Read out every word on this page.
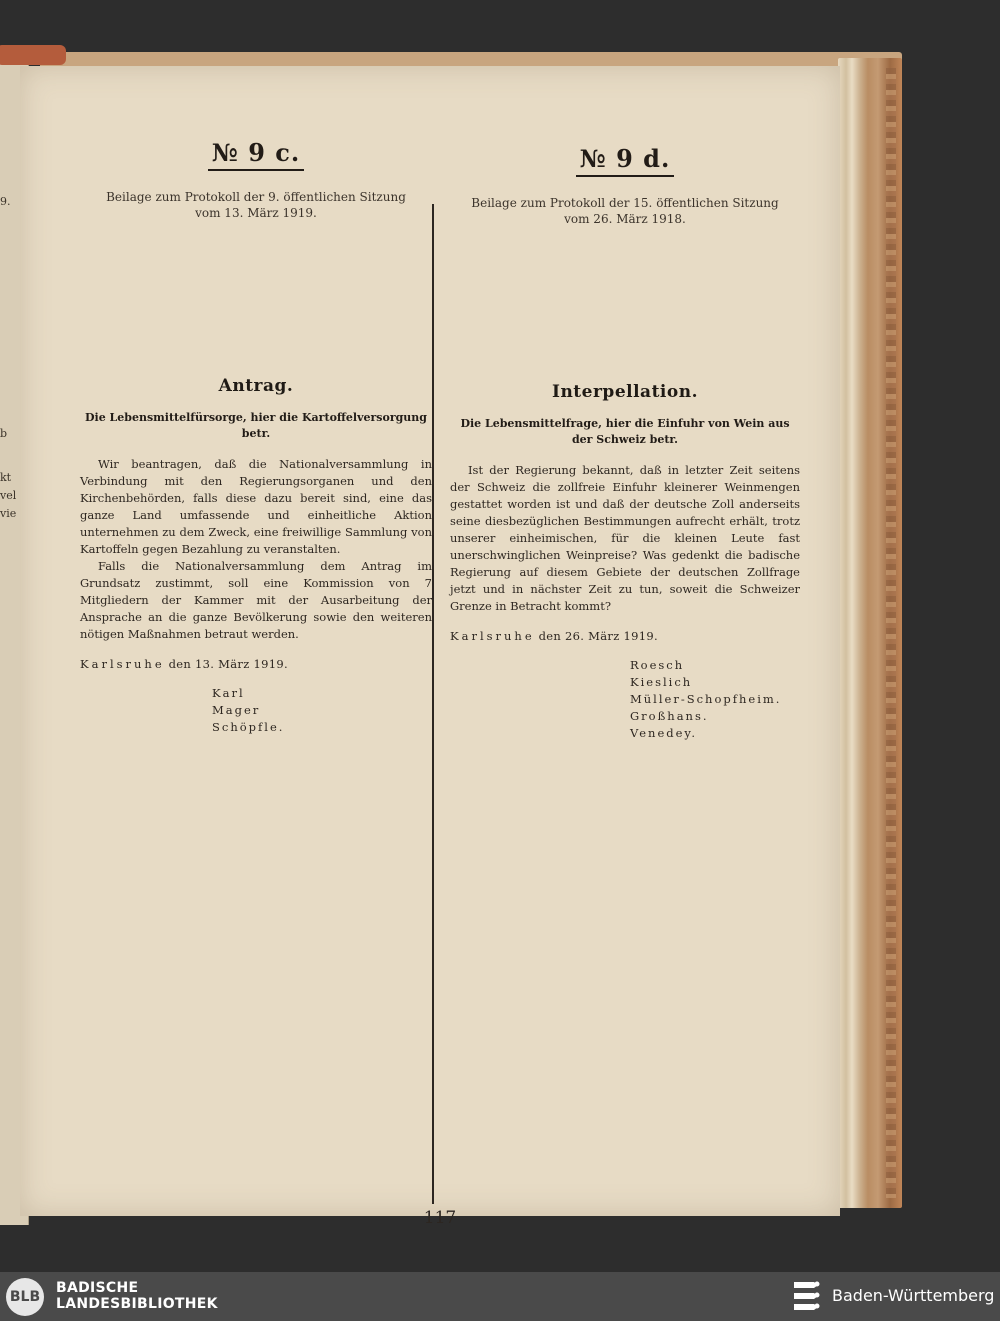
9.
b
kt
vel
vie
№ 9 c.
Beilage zum Protokoll der 9. öffentlichen Sitzung
vom 13. März 1919.
Antrag.
Die Lebensmittelfürsorge, hier die Kartoffelversorgung betr.

Wir beantragen, daß die Nationalversammlung in Verbindung mit den Regierungsorganen und den Kirchenbehörden, falls diese dazu bereit sind, eine das ganze Land umfassende und einheitliche Aktion unternehmen zu dem Zweck, eine freiwillige Sammlung von Kartoffeln gegen Bezahlung zu veranstalten.

Falls die Nationalversammlung dem Antrag im Grundsatz zustimmt, soll eine Kommission von 7 Mitgliedern der Kammer mit der Ausarbeitung der Ansprache an die ganze Bevölkerung sowie den weiteren nötigen Maßnahmen betraut werden.

Karlsruhe den 13. März 1919.
Karl
Mager
Schöpfle.
№ 9 d.
Beilage zum Protokoll der 15. öffentlichen Sitzung
vom 26. März 1918.
Interpellation.
Die Lebensmittelfrage, hier die Einfuhr von Wein aus der Schweiz betr.

Ist der Regierung bekannt, daß in letzter Zeit seitens der Schweiz die zollfreie Einfuhr kleinerer Weinmengen gestattet worden ist und daß der deutsche Zoll anderseits seine diesbezüglichen Bestimmungen aufrecht erhält, trotz unserer einheimischen, für die kleinen Leute fast unerschwinglichen Weinpreise? Was gedenkt die badische Regierung auf diesem Gebiete der deutschen Zollfrage jetzt und in nächster Zeit zu tun, soweit die Schweizer Grenze in Betracht kommt?

Karlsruhe den 26. März 1919.
Roesch
Kieslich
Müller-Schopfheim.
Großhans.
Venedey.
117
BLB
BADISCHE
LANDESBIBLIOTHEK	Baden-Württemberg
